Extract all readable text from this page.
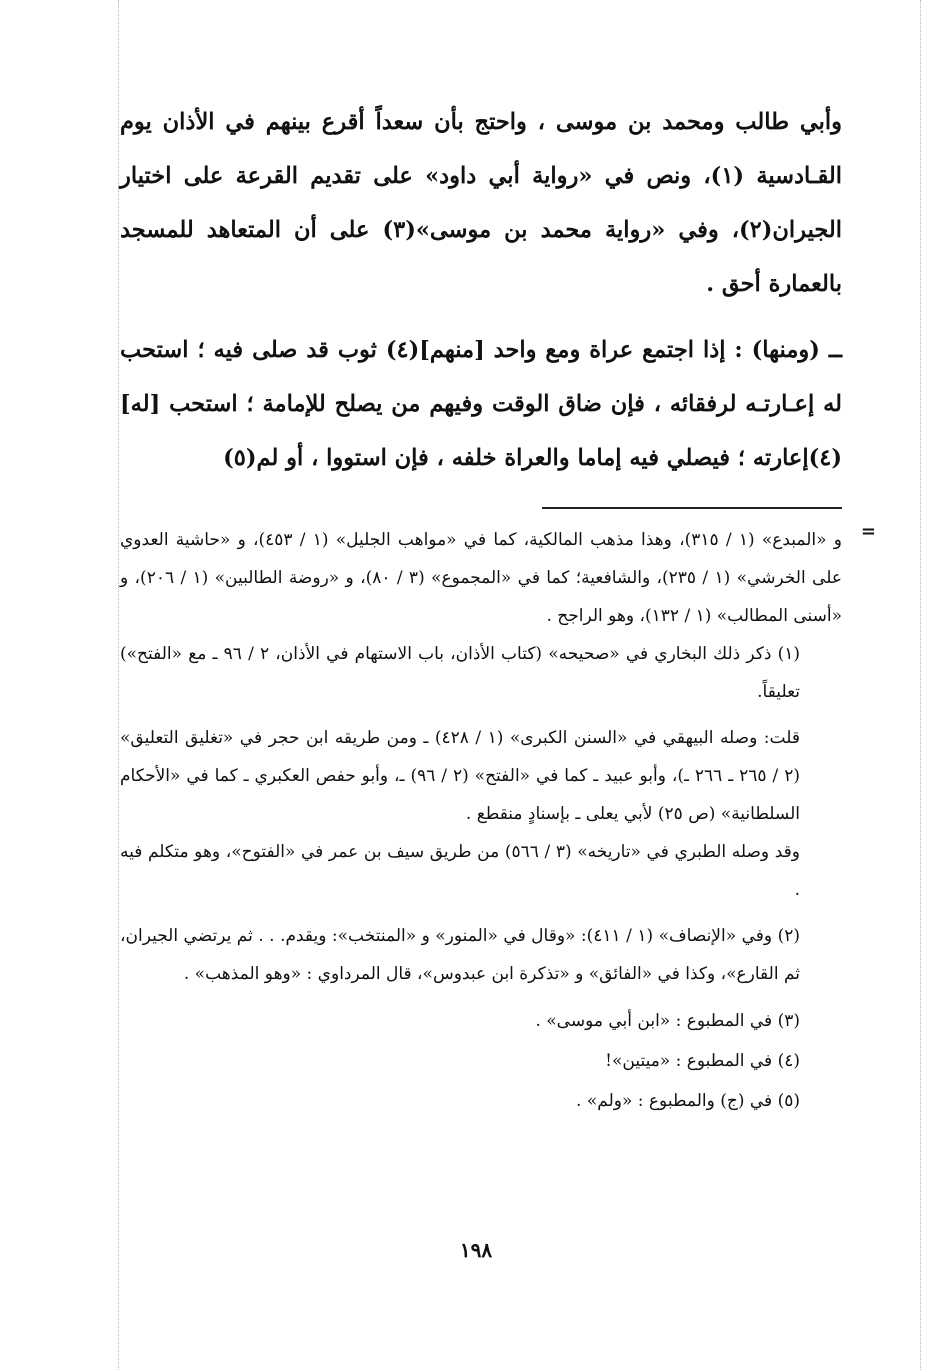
وأبي طالب ومحمد بن موسى ، واحتج بأن سعداً أقرع بينهم في الأذان يوم القـادسية (١)، ونص في «رواية أبي داود» على تقديم القرعة على اختيار الجيران(٢)، وفي «رواية محمد بن موسى»(٣) على أن المتعاهد للمسجد بالعمارة أحق .

ــ (ومنها) : إذا اجتمع عراة ومع واحد [منهم](٤) ثوب قد صلى فيه ؛ استحب له إعـارتـه لرفقائه ، فإن ضاق الوقت وفيهم من يصلح للإمامة ؛ استحب [له](٤)إعارته ؛ فيصلي فيه إماما والعراة خلفه ، فإن استووا ، أو لم(٥)

=

و «المبدع» (١ / ٣١٥)، وهذا مذهب المالكية، كما في «مواهب الجليل» (١ / ٤٥٣)، و «حاشية العدوي على الخرشي» (١ / ٢٣٥)، والشافعية؛ كما في «المجموع» (٣ / ٨٠)، و «روضة الطالبين» (١ / ٢٠٦)، و «أسنى المطالب» (١ / ١٣٢)، وهو الراجح .

(١) ذكر ذلك البخاري في «صحيحه» (كتاب الأذان، باب الاستهام في الأذان، ٢ / ٩٦ ـ مع «الفتح») تعليقاً.

قلت: وصله البيهقي في «السنن الكبرى» (١ / ٤٢٨) ـ ومن طريقه ابن حجر في «تغليق التعليق» (٢ / ٢٦٥ ـ ٢٦٦ ـ)، وأبو عبيد ـ كما في «الفتح» (٢ / ٩٦) ـ، وأبو حفص العكبري ـ كما في «الأحكام السلطانية» (ص ٢٥) لأبي يعلى ـ بإسنادٍ منقطع .

وقد وصله الطبري في «تاريخه» (٣ / ٥٦٦) من طريق سيف بن عمر في «الفتوح»، وهو متكلم فيه .

(٢) وفي «الإنصاف» (١ / ٤١١): «وقال في «المنور» و «المنتخب»: ويقدم. . . ثم يرتضي الجيران، ثم القارع»، وكذا في «الفائق» و «تذكرة ابن عبدوس»، قال المرداوي : «وهو المذهب» .

(٣) في المطبوع : «ابن أبي موسى» .

(٤) في المطبوع : «ميتين»!

(٥) في (ج) والمطبوع : «ولم» .

١٩٨
